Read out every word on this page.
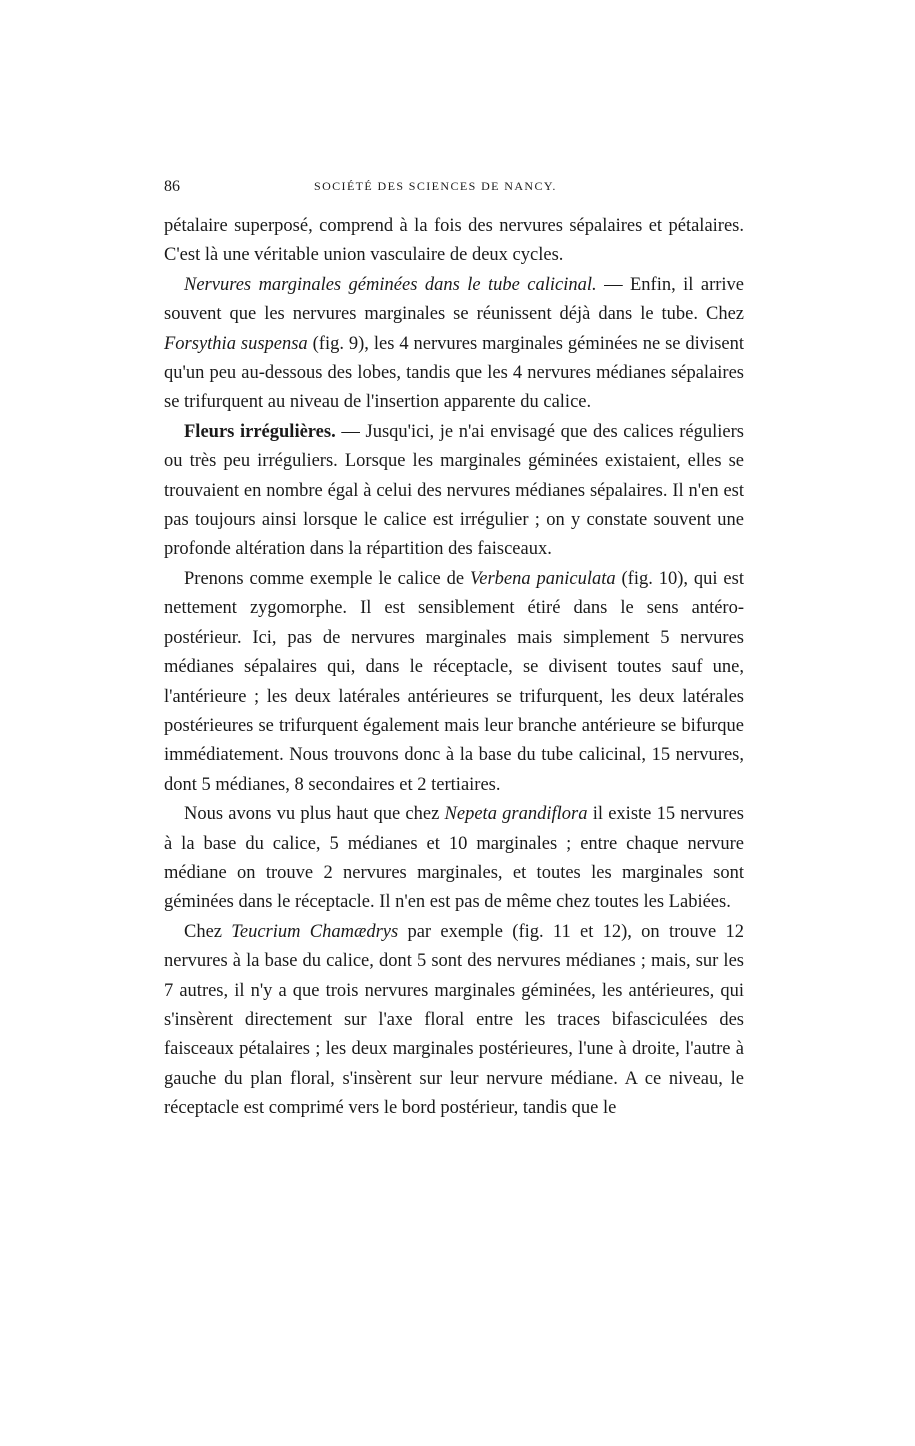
86	SOCIÉTÉ DES SCIENCES DE NANCY.

pétalaire superposé, comprend à la fois des nervures sépalaires et pétalaires. C'est là une véritable union vasculaire de deux cycles.

Nervures marginales géminées dans le tube calicinal. — Enfin, il arrive souvent que les nervures marginales se réunissent déjà dans le tube. Chez Forsythia suspensa (fig. 9), les 4 nervures marginales géminées ne se divisent qu'un peu au-dessous des lobes, tandis que les 4 nervures médianes sépalaires se trifurquent au niveau de l'insertion apparente du calice.

Fleurs irrégulières. — Jusqu'ici, je n'ai envisagé que des calices réguliers ou très peu irréguliers. Lorsque les marginales géminées existaient, elles se trouvaient en nombre égal à celui des nervures médianes sépalaires. Il n'en est pas toujours ainsi lorsque le calice est irrégulier ; on y constate souvent une profonde altération dans la répartition des faisceaux.

Prenons comme exemple le calice de Verbena paniculata (fig. 10), qui est nettement zygomorphe. Il est sensiblement étiré dans le sens antéro-postérieur. Ici, pas de nervures marginales mais simplement 5 nervures médianes sépalaires qui, dans le réceptacle, se divisent toutes sauf une, l'antérieure ; les deux latérales antérieures se trifurquent, les deux latérales postérieures se trifurquent également mais leur branche antérieure se bifurque immédiatement. Nous trouvons donc à la base du tube calicinal, 15 nervures, dont 5 médianes, 8 secondaires et 2 tertiaires.

Nous avons vu plus haut que chez Nepeta grandiflora il existe 15 nervures à la base du calice, 5 médianes et 10 marginales ; entre chaque nervure médiane on trouve 2 nervures marginales, et toutes les marginales sont géminées dans le réceptacle. Il n'en est pas de même chez toutes les Labiées.

Chez Teucrium Chamædrys par exemple (fig. 11 et 12), on trouve 12 nervures à la base du calice, dont 5 sont des nervures médianes ; mais, sur les 7 autres, il n'y a que trois nervures marginales géminées, les antérieures, qui s'insèrent directement sur l'axe floral entre les traces bifasciculées des faisceaux pétalaires ; les deux marginales postérieures, l'une à droite, l'autre à gauche du plan floral, s'insèrent sur leur nervure médiane. A ce niveau, le réceptacle est comprimé vers le bord postérieur, tandis que le
